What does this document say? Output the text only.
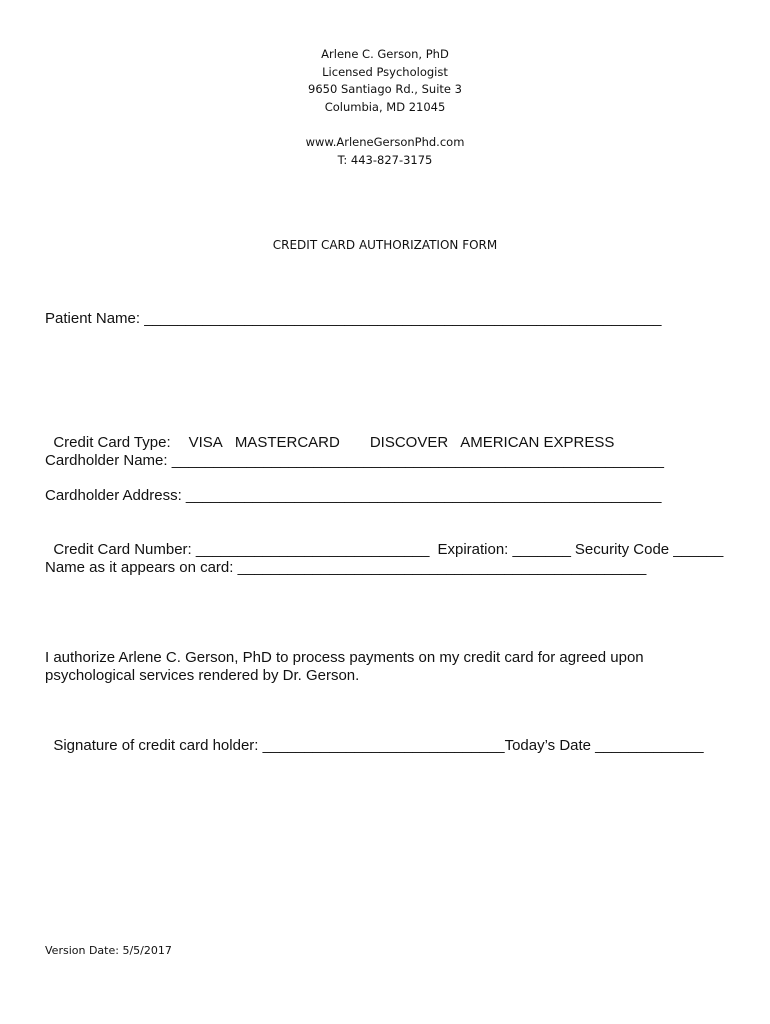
Arlene C. Gerson, PhD
Licensed Psychologist
9650 Santiago Rd., Suite 3
Columbia, MD 21045
www.ArleneGersonPhd.com
T: 443-827-3175
CREDIT CARD AUTHORIZATION FORM
Patient Name: ______________________________________________________________

Credit Card Type: VISA MASTERCARD DISCOVER AMERICAN EXPRESS

Cardholder Name: ___________________________________________________________
Cardholder Address: _________________________________________________________

Credit Card Number: ____________________________ Expiration: _______ Security Code ______

Name as it appears on card: _________________________________________________
I authorize Arlene C. Gerson, PhD to process payments on my credit card for agreed upon psychological services rendered by Dr. Gerson.

Signature of credit card holder: _____________________________Today’s Date _____________

Version Date: 5/5/2017
